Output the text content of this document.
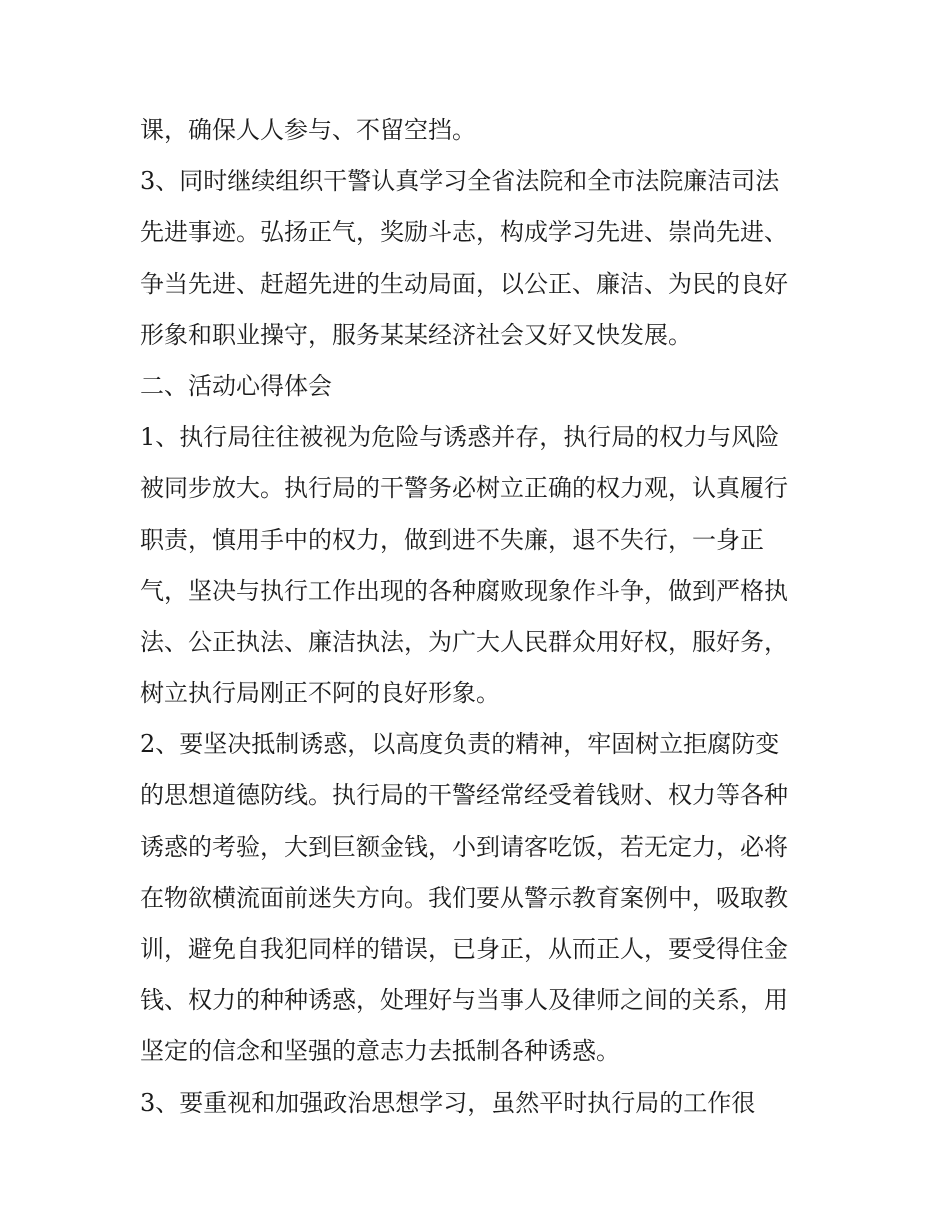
课，确保人人参与、不留空挡。
3、同时继续组织干警认真学习全省法院和全市法院廉洁司法
先进事迹。弘扬正气，奖励斗志，构成学习先进、崇尚先进、
争当先进、赶超先进的生动局面，以公正、廉洁、为民的良好
形象和职业操守，服务某某经济社会又好又快发展。
二、活动心得体会
1、执行局往往被视为危险与诱惑并存，执行局的权力与风险
被同步放大。执行局的干警务必树立正确的权力观，认真履行
职责，慎用手中的权力，做到进不失廉，退不失行，一身正
气，坚决与执行工作出现的各种腐败现象作斗争，做到严格执
法、公正执法、廉洁执法，为广大人民群众用好权，服好务，
树立执行局刚正不阿的良好形象。
2、要坚决抵制诱惑，以高度负责的精神，牢固树立拒腐防变
的思想道德防线。执行局的干警经常经受着钱财、权力等各种
诱惑的考验，大到巨额金钱，小到请客吃饭，若无定力，必将
在物欲横流面前迷失方向。我们要从警示教育案例中，吸取教
训，避免自我犯同样的错误，已身正，从而正人，要受得住金
钱、权力的种种诱惑，处理好与当事人及律师之间的关系，用
坚定的信念和坚强的意志力去抵制各种诱惑。
3、要重视和加强政治思想学习，虽然平时执行局的工作很
